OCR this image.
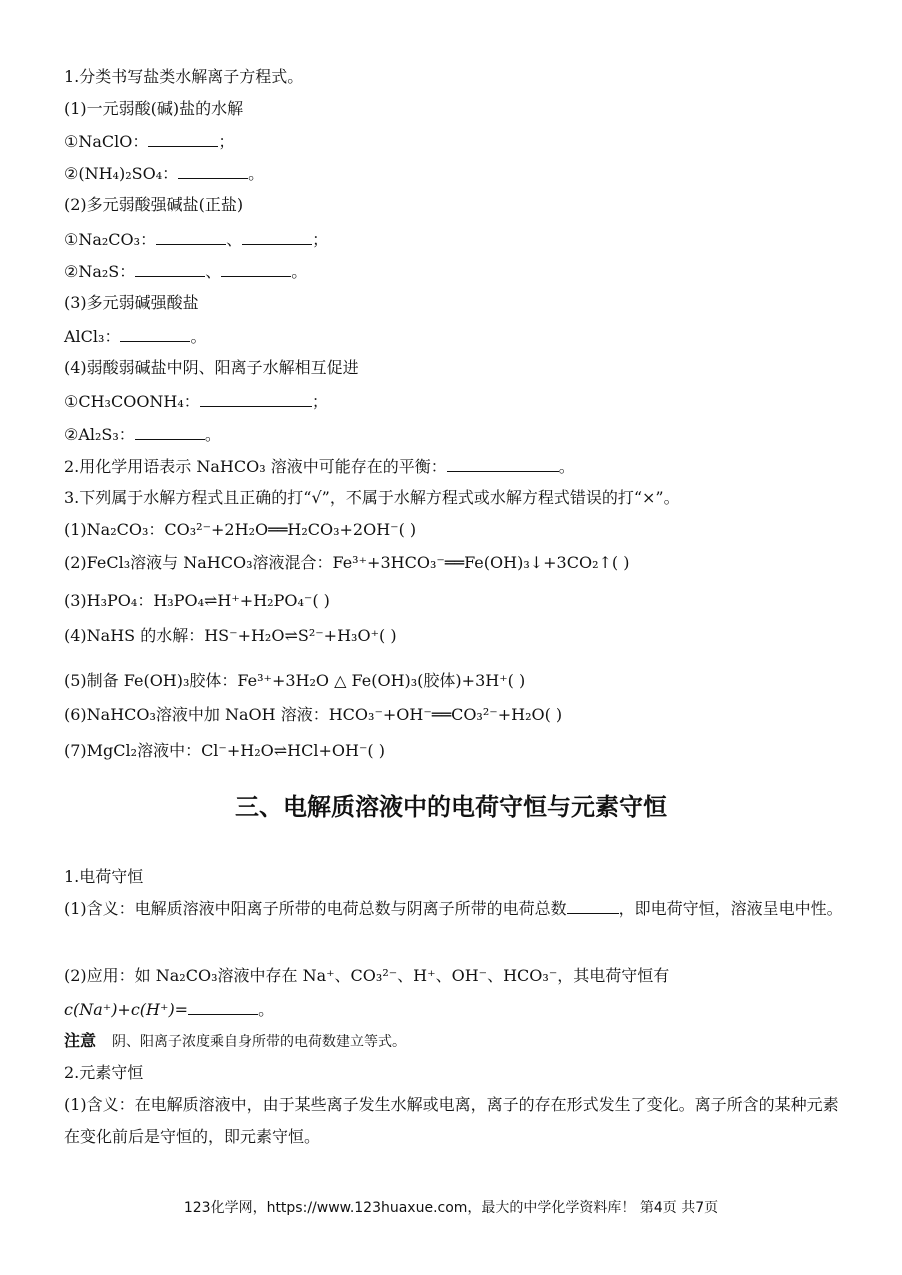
1.分类书写盐类水解离子方程式。
(1)一元弱酸(碱)盐的水解
①NaClO：	；
②(NH₄)₂SO₄：	。
(2)多元弱酸强碱盐(正盐)
①Na₂CO₃：	、	；
②Na₂S：	、	。
(3)多元弱碱强酸盐
AlCl₃：	。
(4)弱酸弱碱盐中阴、阳离子水解相互促进
①CH₃COONH₄：	；
②Al₂S₃：	。
2.用化学用语表示 NaHCO₃ 溶液中可能存在的平衡：	。
3.下列属于水解方程式且正确的打“√”，不属于水解方程式或水解方程式错误的打“×”。
(1)Na₂CO₃：CO₃²⁻+2H₂O══H₂CO₃+2OH⁻( )
(2)FeCl₃溶液与 NaHCO₃溶液混合：Fe³⁺+3HCO₃⁻══Fe(OH)₃↓+3CO₂↑( )
(3)H₃PO₄：H₃PO₄⇌H⁺+H₂PO₄⁻( )
(4)NaHS 的水解：HS⁻+H₂O⇌S²⁻+H₃O⁺( )
(5)制备 Fe(OH)₃胶体：Fe³⁺+3H₂O △ Fe(OH)₃(胶体)+3H⁺( )
(6)NaHCO₃溶液中加 NaOH 溶液：HCO₃⁻+OH⁻══CO₃²⁻+H₂O( )
(7)MgCl₂溶液中：Cl⁻+H₂O⇌HCl+OH⁻( )
三、电解质溶液中的电荷守恒与元素守恒
1.电荷守恒
(1)含义：电解质溶液中阳离子所带的电荷总数与阴离子所带的电荷总数	，即电荷守恒，溶液呈电中性。
(2)应用：如 Na₂CO₃溶液中存在 Na⁺、CO₃²⁻、H⁺、OH⁻、HCO₃⁻，其电荷守恒有
c(Na⁺)+c(H⁺)=	。
注意　 阴、阳离子浓度乘自身所带的电荷数建立等式。
2.元素守恒
(1)含义：在电解质溶液中，由于某些离子发生水解或电离，离子的存在形式发生了变化。离子所含的某种元素在变化前后是守恒的，即元素守恒。
123化学网，https://www.123huaxue.com，最大的中学化学资料库！ 第4页 共7页
